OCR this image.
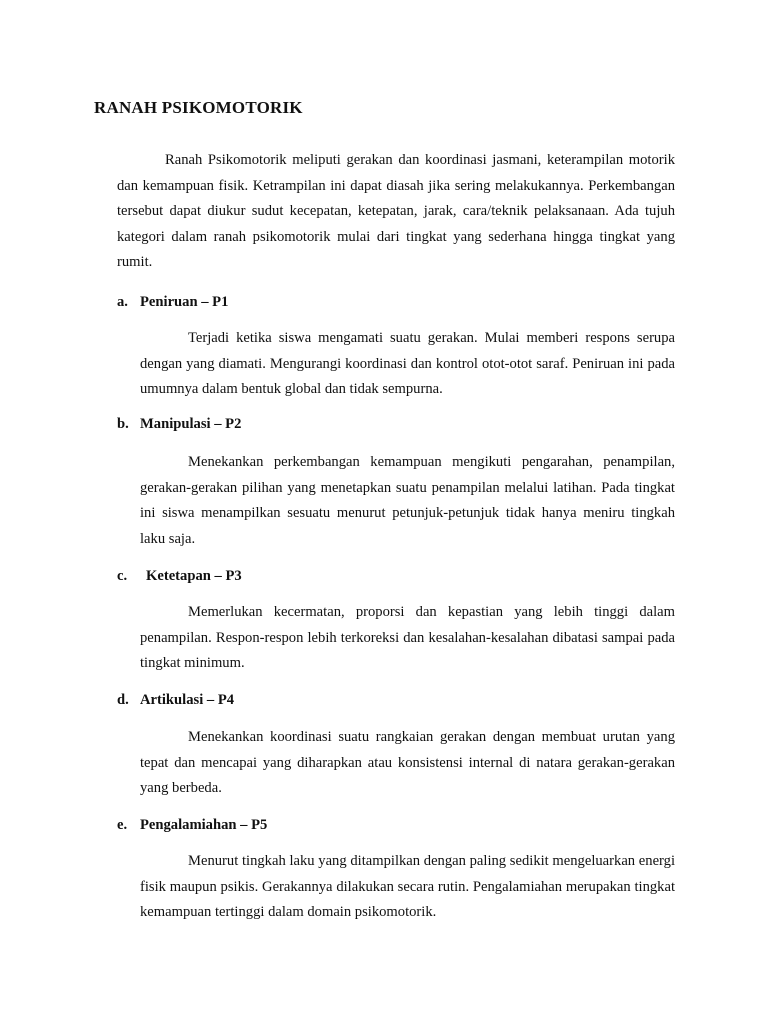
RANAH PSIKOMOTORIK
Ranah Psikomotorik meliputi gerakan dan koordinasi jasmani, keterampilan motorik dan kemampuan fisik. Ketrampilan ini dapat diasah jika sering melakukannya. Perkembangan tersebut dapat diukur sudut kecepatan, ketepatan, jarak, cara/teknik pelaksanaan. Ada tujuh kategori dalam ranah psikomotorik mulai dari tingkat yang sederhana hingga tingkat yang rumit.
a. Peniruan – P1
Terjadi ketika siswa mengamati suatu gerakan. Mulai memberi respons serupa dengan yang diamati. Mengurangi koordinasi dan kontrol otot-otot saraf. Peniruan ini pada umumnya dalam bentuk global dan tidak sempurna.
b. Manipulasi – P2
Menekankan perkembangan kemampuan mengikuti pengarahan, penampilan, gerakan-gerakan pilihan yang menetapkan suatu penampilan melalui latihan. Pada tingkat ini siswa menampilkan sesuatu menurut petunjuk-petunjuk tidak hanya meniru tingkah laku saja.
c. Ketetapan – P3
Memerlukan kecermatan, proporsi dan kepastian yang lebih tinggi dalam penampilan. Respon-respon lebih terkoreksi dan kesalahan-kesalahan dibatasi sampai pada tingkat minimum.
d. Artikulasi – P4
Menekankan koordinasi suatu rangkaian gerakan dengan membuat urutan yang tepat dan mencapai yang diharapkan atau konsistensi internal di natara gerakan-gerakan yang berbeda.
e. Pengalamiahan – P5
Menurut tingkah laku yang ditampilkan dengan paling sedikit mengeluarkan energi fisik maupun psikis. Gerakannya dilakukan secara rutin. Pengalamiahan merupakan tingkat kemampuan tertinggi dalam domain psikomotorik.
